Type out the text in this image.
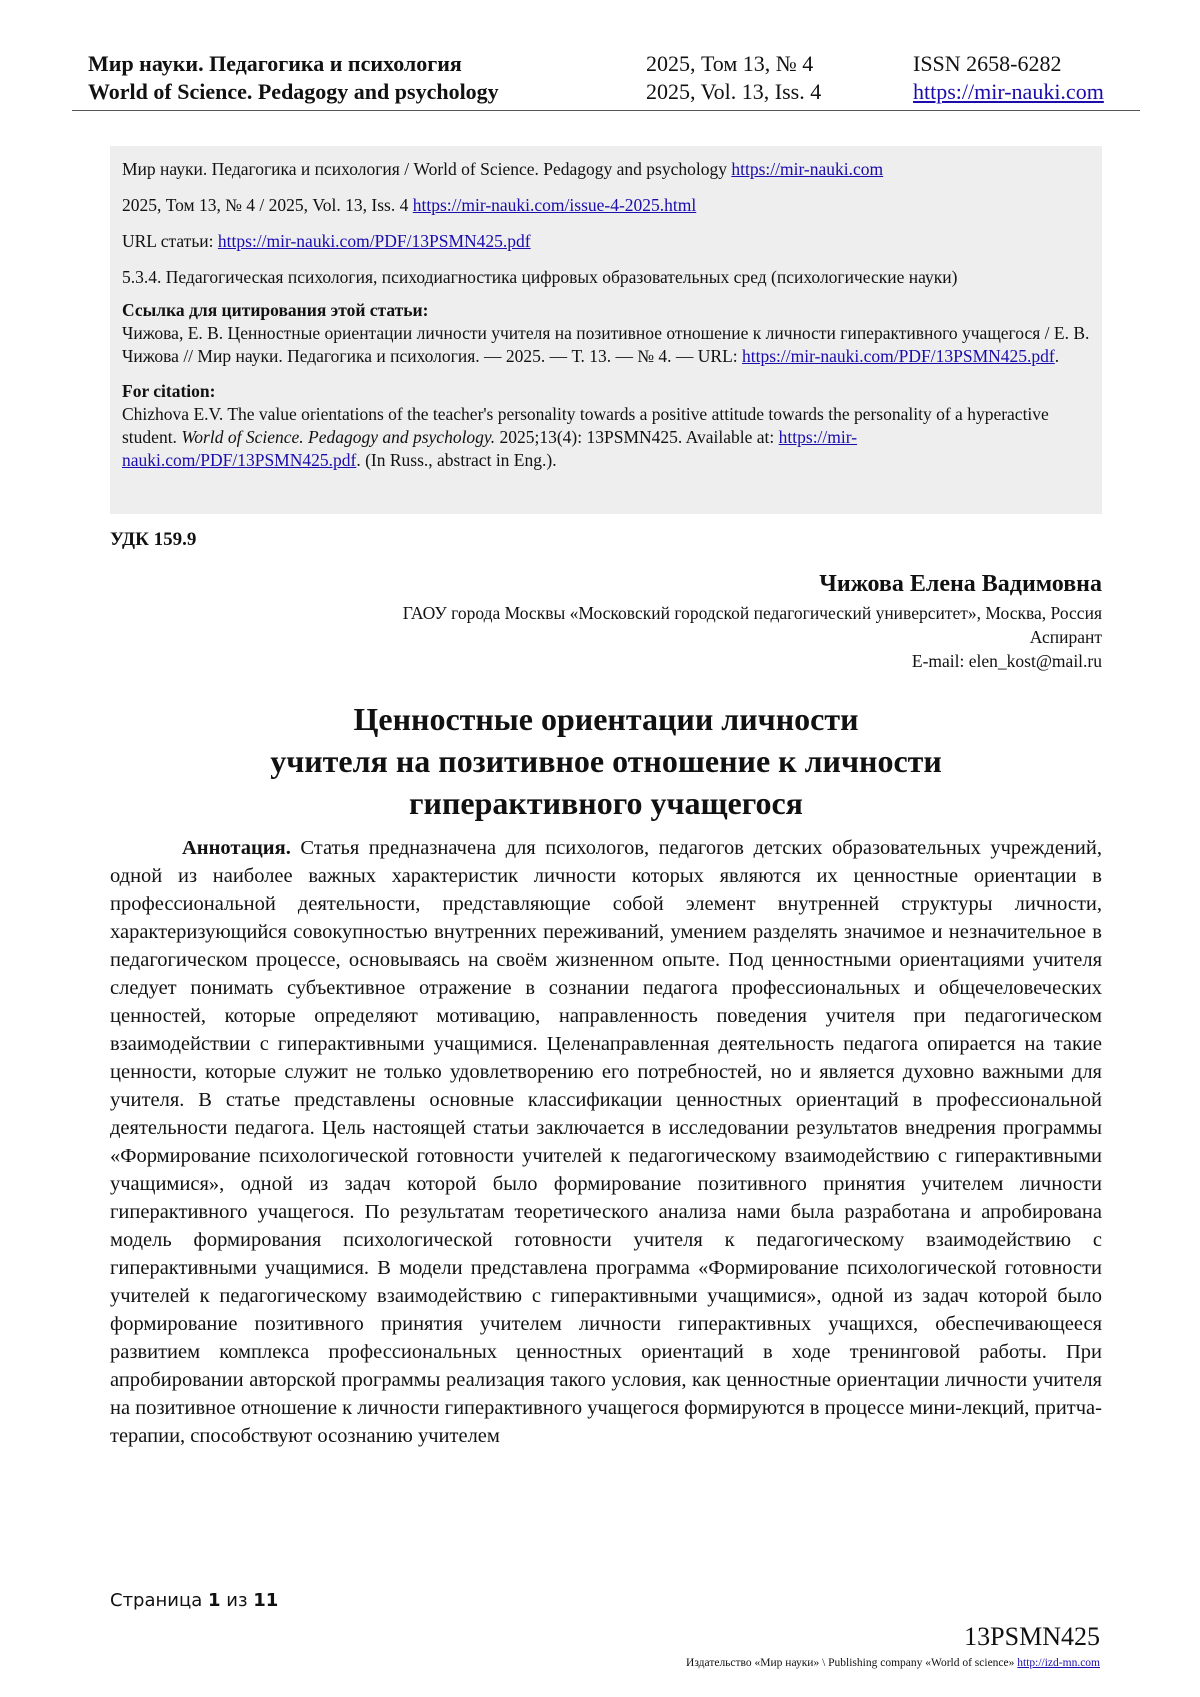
Мир науки. Педагогика и психология	2025, Том 13, № 4	ISSN 2658-6282
World of Science. Pedagogy and psychology	2025, Vol. 13, Iss. 4	https://mir-nauki.com

Мир науки. Педагогика и психология / World of Science. Pedagogy and psychology https://mir-nauki.com

2025, Том 13, № 4 / 2025, Vol. 13, Iss. 4 https://mir-nauki.com/issue-4-2025.html

URL статьи: https://mir-nauki.com/PDF/13PSMN425.pdf

5.3.4. Педагогическая психология, психодиагностика цифровых образовательных сред (психологические науки)

Ссылка для цитирования этой статьи:
Чижова, Е. В. Ценностные ориентации личности учителя на позитивное отношение к личности гиперактивного учащегося / Е. В. Чижова // Мир науки. Педагогика и психология. — 2025. — Т. 13. — № 4. — URL: https://mir-nauki.com/PDF/13PSMN425.pdf.

For citation:
Chizhova E.V. The value orientations of the teacher's personality towards a positive attitude towards the personality of a hyperactive student. World of Science. Pedagogy and psychology. 2025;13(4): 13PSMN425. Available at: https://mir-nauki.com/PDF/13PSMN425.pdf. (In Russ., abstract in Eng.).

УДК 159.9
Чижова Елена Вадимовна
ГАОУ города Москвы «Московский городской педагогический университет», Москва, Россия
Аспирант
E-mail: elen_kost@mail.ru
Ценностные ориентации личности
учителя на позитивное отношение к личности
гиперактивного учащегося

Аннотация. Статья предназначена для психологов, педагогов детских образовательных учреждений, одной из наиболее важных характеристик личности которых являются их ценностные ориентации в профессиональной деятельности, представляющие собой элемент внутренней структуры личности, характеризующийся совокупностью внутренних переживаний, умением разделять значимое и незначительное в педагогическом процессе, основываясь на своём жизненном опыте. Под ценностными ориентациями учителя следует понимать субъективное отражение в сознании педагога профессиональных и общечеловеческих ценностей, которые определяют мотивацию, направленность поведения учителя при педагогическом взаимодействии с гиперактивными учащимися. Целенаправленная деятельность педагога опирается на такие ценности, которые служит не только удовлетворению его потребностей, но и является духовно важными для учителя. В статье представлены основные классификации ценностных ориентаций в профессиональной деятельности педагога. Цель настоящей статьи заключается в исследовании результатов внедрения программы «Формирование психологической готовности учителей к педагогическому взаимодействию с гиперактивными учащимися», одной из задач которой было формирование позитивного принятия учителем личности гиперактивного учащегося. По результатам теоретического анализа нами была разработана и апробирована модель формирования психологической готовности учителя к педагогическому взаимодействию с гиперактивными учащимися. В модели представлена программа «Формирование психологической готовности учителей к педагогическому взаимодействию с гиперактивными учащимися», одной из задач которой было формирование позитивного принятия учителем личности гиперактивных учащихся, обеспечивающееся развитием комплекса профессиональных ценностных ориентаций в ходе тренинговой работы. При апробировании авторской программы реализация такого условия, как ценностные ориентации личности учителя на позитивное отношение к личности гиперактивного учащегося формируются в процессе мини-лекций, притча-терапии, способствуют осознанию учителем

Страница 1 из 11
13PSMN425
Издательство «Мир науки» \ Publishing company «World of science» http://izd-mn.com
